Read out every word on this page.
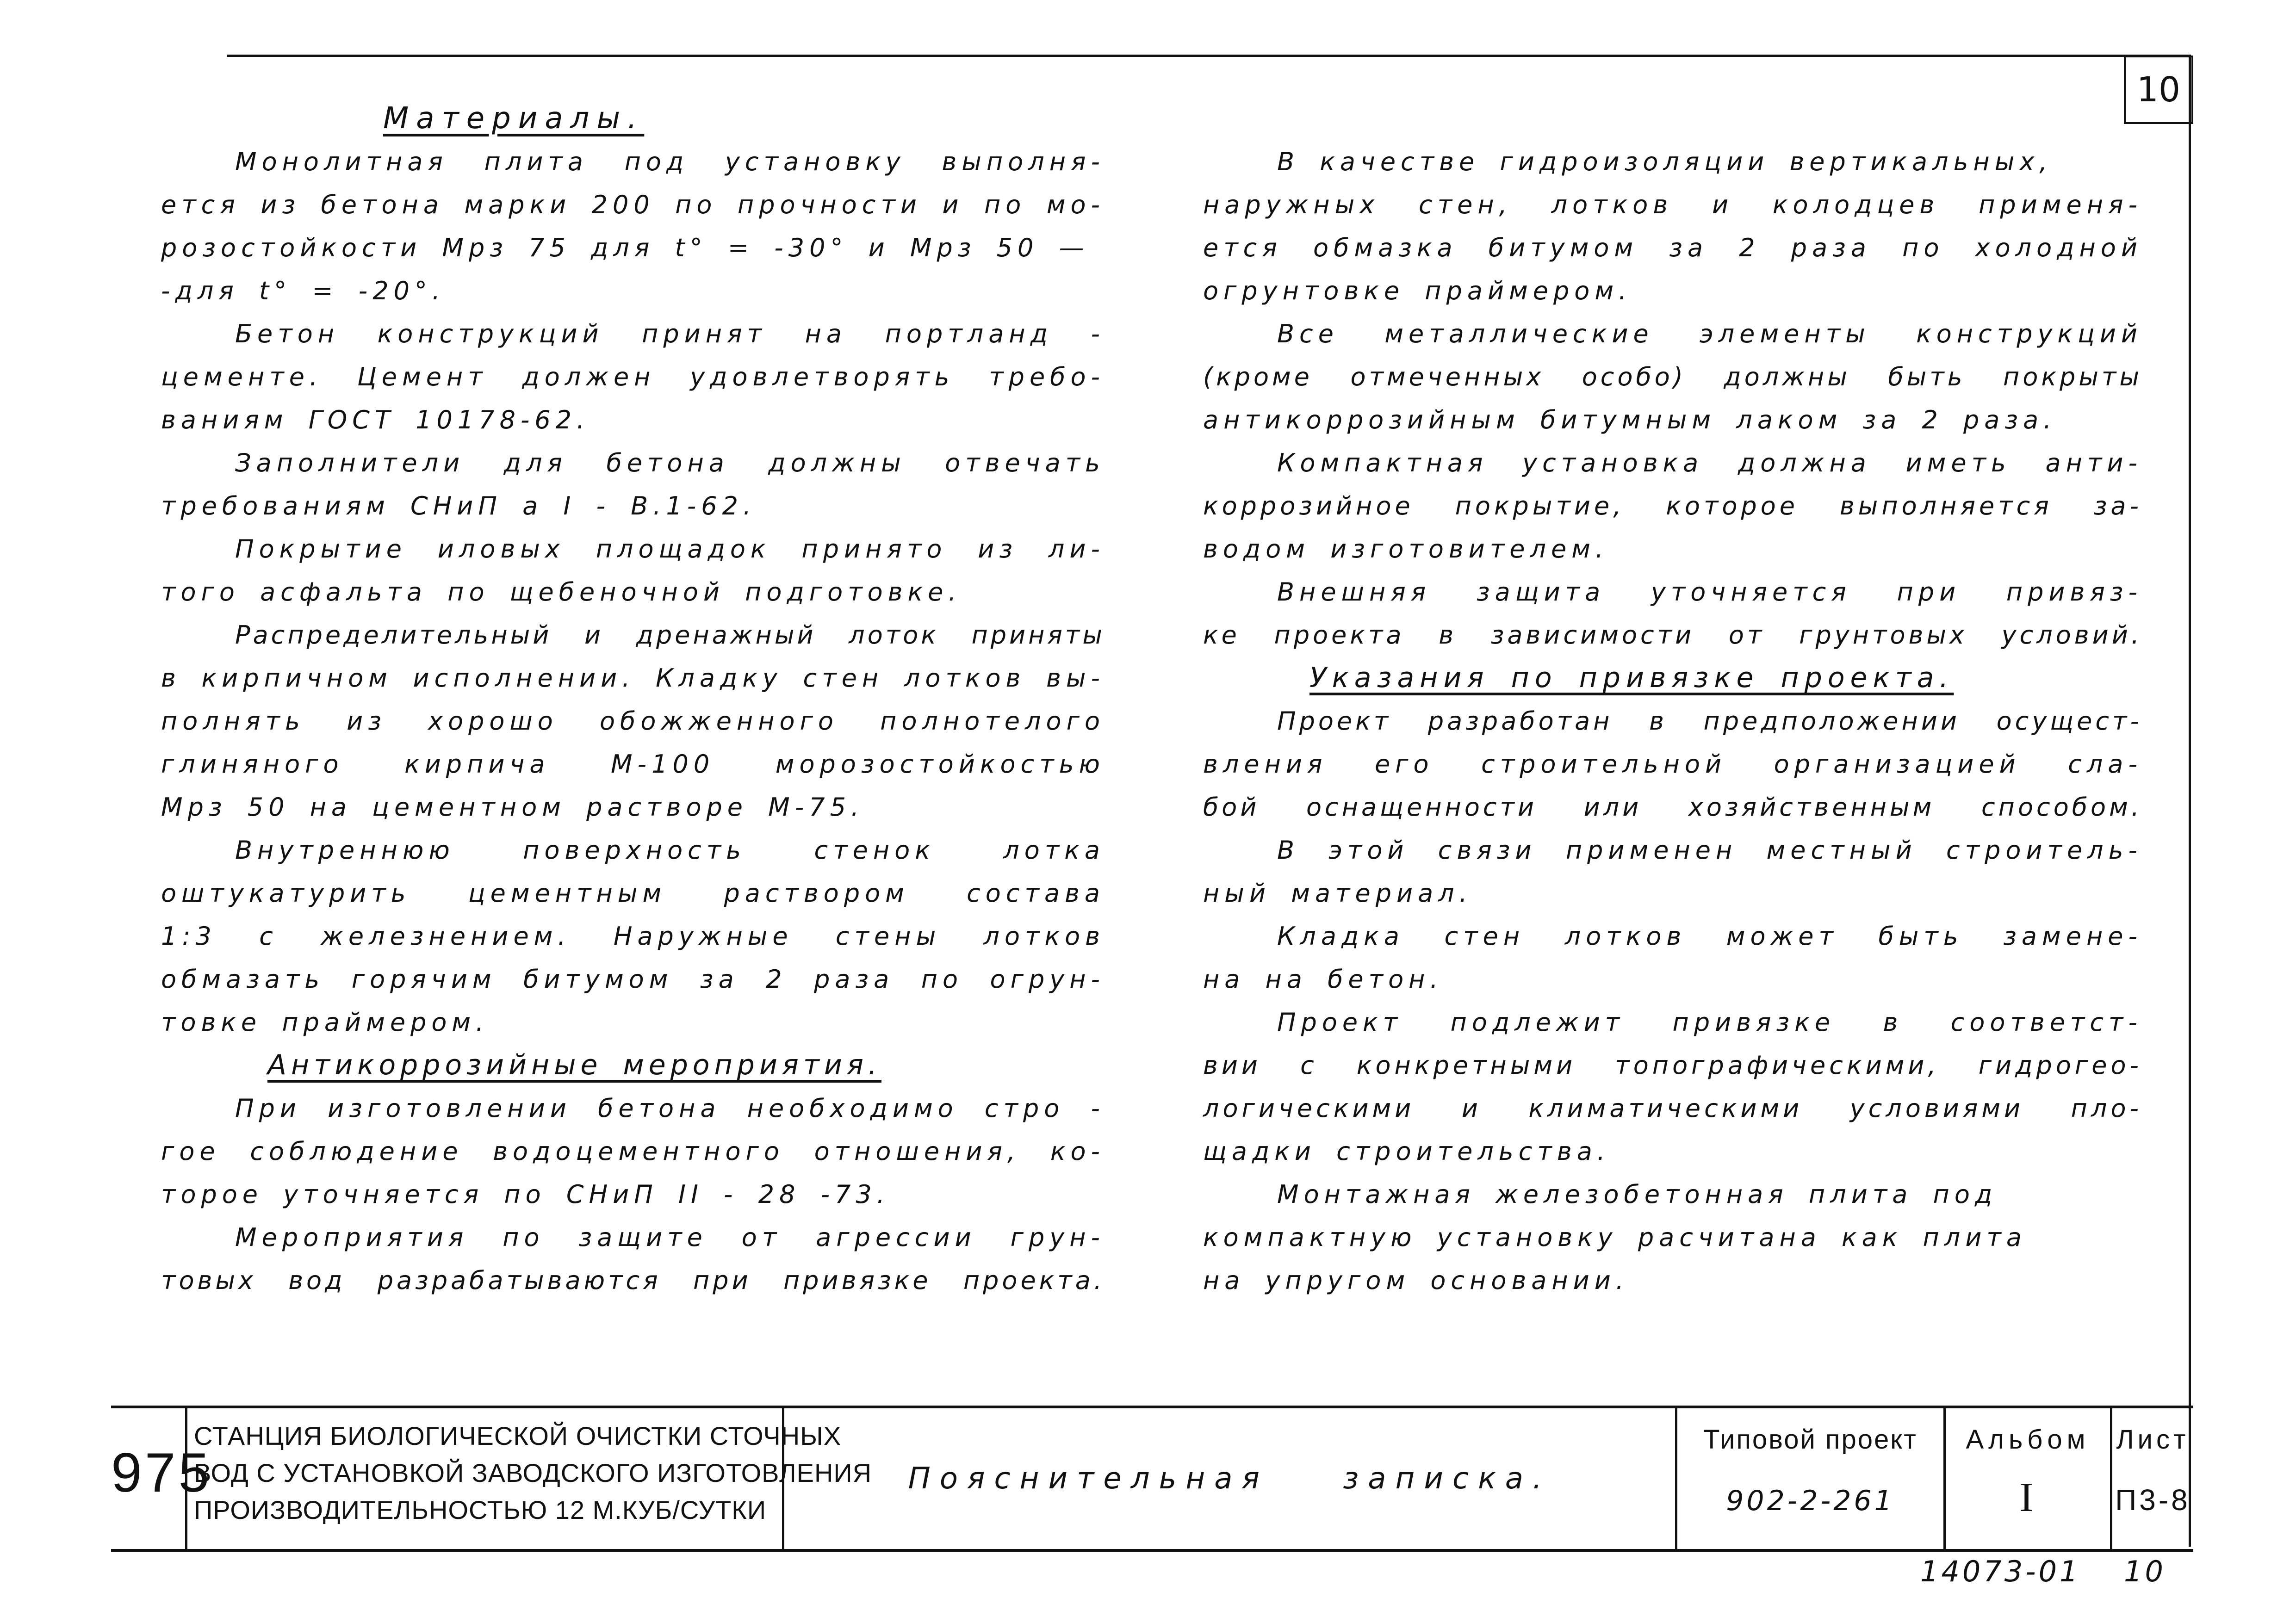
10
Материалы.

Монолитная плита под установку выполня-

ется из бетона марки 200 по прочности и по мо-

розостойкости Мрз 75 для t° = -30° и Мрз 50 —

-для t° = -20°.

Бетон конструкций принят на портланд -

цементе. Цемент должен удовлетворять требо-

ваниям ГОСТ 10178-62.

Заполнители для бетона должны отвечать

требованиям СНиП а I - В.1-62.

Покрытие иловых площадок принято из ли-

того асфальта по щебеночной подготовке.

Распределительный и дренажный лоток приняты

в кирпичном исполнении. Кладку стен лотков вы-

полнять из хорошо обожженного полнотелого

глиняного кирпича М-100 морозостойкостью

Мрз 50 на цементном растворе М-75.

Внутреннюю поверхность стенок лотка

оштукатурить цементным раствором состава

1:3 с железнением. Наружные стены лотков

обмазать горячим битумом за 2 раза по огрун-

товке праймером.

Антикоррозийные мероприятия.

При изготовлении бетона необходимо стро -

гое соблюдение водоцементного отношения, ко-

торое уточняется по СНиП II - 28 -73.

Мероприятия по защите от агрессии грун-

товых вод разрабатываются при привязке проекта.

В качестве гидроизоляции вертикальных,

наружных стен, лотков и колодцев применя-

ется обмазка битумом за 2 раза по холодной

огрунтовке праймером.

Все металлические элементы конструкций

(кроме отмеченных особо) должны быть покрыты

антикоррозийным битумным лаком за 2 раза.

Компактная установка должна иметь анти-

коррозийное покрытие, которое выполняется за-

водом изготовителем.

Внешняя защита уточняется при привяз-

ке проекта в зависимости от грунтовых условий.

Указания по привязке проекта.

Проект разработан в предположении осущест-

вления его строительной организацией сла-

бой оснащенности или хозяйственным способом.

В этой связи применен местный строитель-

ный материал.

Кладка стен лотков может быть замене-

на на бетон.

Проект подлежит привязке в соответст-

вии с конкретными топографическими, гидрогео-

логическими и климатическими условиями пло-

щадки строительства.

Монтажная железобетонная плита под

компактную установку расчитана как плита

на упругом основании.

975
СТАНЦИЯ БИОЛОГИЧЕСКОЙ ОЧИСТКИ СТОЧНЫХ
ВОД С УСТАНОВКОЙ ЗАВОДСКОГО ИЗГОТОВЛЕНИЯ
ПРОИЗВОДИТЕЛЬНОСТЬЮ 12 М.КУБ/СУТКИ
Пояснительная записка.
Типовой проект
902-2-261
Альбом
I
Лист
П3-8
14073-01 10
